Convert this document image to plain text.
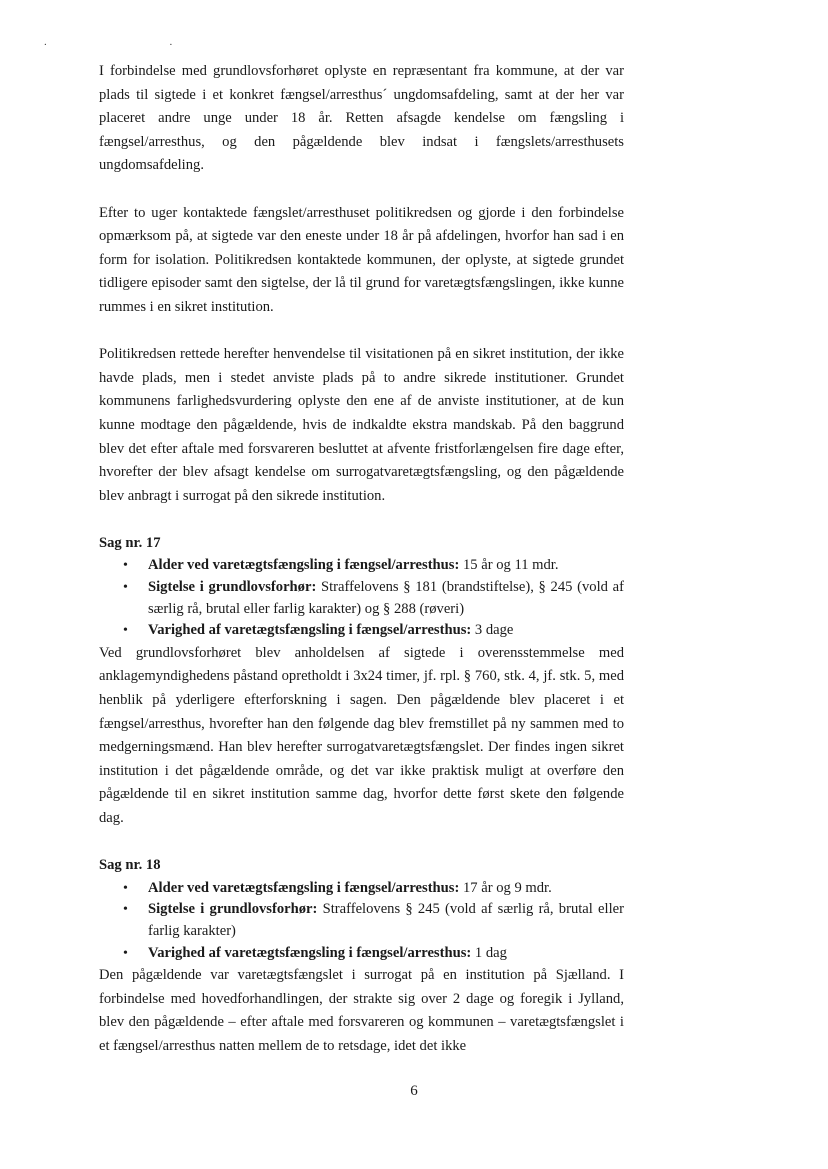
. .

I forbindelse med grundlovsforhøret oplyste en repræsentant fra kommune, at der var plads til sigtede i et konkret fængsel/arresthus´ ungdomsafdeling, samt at der her var placeret andre unge under 18 år. Retten afsagde kendelse om fængsling i fængsel/arresthus, og den pågældende blev indsat i fængslets/arresthusets ungdomsafdeling.

Efter to uger kontaktede fængslet/arresthuset politikredsen og gjorde i den forbindelse opmærksom på, at sigtede var den eneste under 18 år på afdelingen, hvorfor han sad i en form for isolation. Politikredsen kontaktede kommunen, der oplyste, at sigtede grundet tidligere episoder samt den sigtelse, der lå til grund for varetægtsfængslingen, ikke kunne rummes i en sikret institution.

Politikredsen rettede herefter henvendelse til visitationen på en sikret institution, der ikke havde plads, men i stedet anviste plads på to andre sikrede institutioner. Grundet kommunens farlighedsvurdering oplyste den ene af de anviste institutioner, at de kun kunne modtage den pågældende, hvis de indkaldte ekstra mandskab. På den baggrund blev det efter aftale med forsvareren besluttet at afvente fristforlængelsen fire dage efter, hvorefter der blev afsagt kendelse om surrogatvaretægtsfængsling, og den pågældende blev anbragt i surrogat på den sikrede institution.

Sag nr. 17

• Alder ved varetægtsfængsling i fængsel/arresthus: 15 år og 11 mdr.
• Sigtelse i grundlovsforhør: Straffelovens § 181 (brandstiftelse), § 245 (vold af særlig rå, brutal eller farlig karakter) og § 288 (røveri)
• Varighed af varetægtsfængsling i fængsel/arresthus: 3 dage

Ved grundlovsforhøret blev anholdelsen af sigtede i overensstemmelse med anklagemyndighedens påstand opretholdt i 3x24 timer, jf. rpl. § 760, stk. 4, jf. stk. 5, med henblik på yderligere efterforskning i sagen. Den pågældende blev placeret i et fængsel/arresthus, hvorefter han den følgende dag blev fremstillet på ny sammen med to medgerningsmænd. Han blev herefter surrogatvaretægtsfængslet. Der findes ingen sikret institution i det pågældende område, og det var ikke praktisk muligt at overføre den pågældende til en sikret institution samme dag, hvorfor dette først skete den følgende dag.

Sag nr. 18

• Alder ved varetægtsfængsling i fængsel/arresthus: 17 år og 9 mdr.
• Sigtelse i grundlovsforhør: Straffelovens § 245 (vold af særlig rå, brutal eller farlig karakter)
• Varighed af varetægtsfængsling i fængsel/arresthus: 1 dag

Den pågældende var varetægtsfængslet i surrogat på en institution på Sjælland. I forbindelse med hovedforhandlingen, der strakte sig over 2 dage og foregik i Jylland, blev den pågældende – efter aftale med forsvareren og kommunen – varetægtsfængslet i et fængsel/arresthus natten mellem de to retsdage, idet det ikke

6
